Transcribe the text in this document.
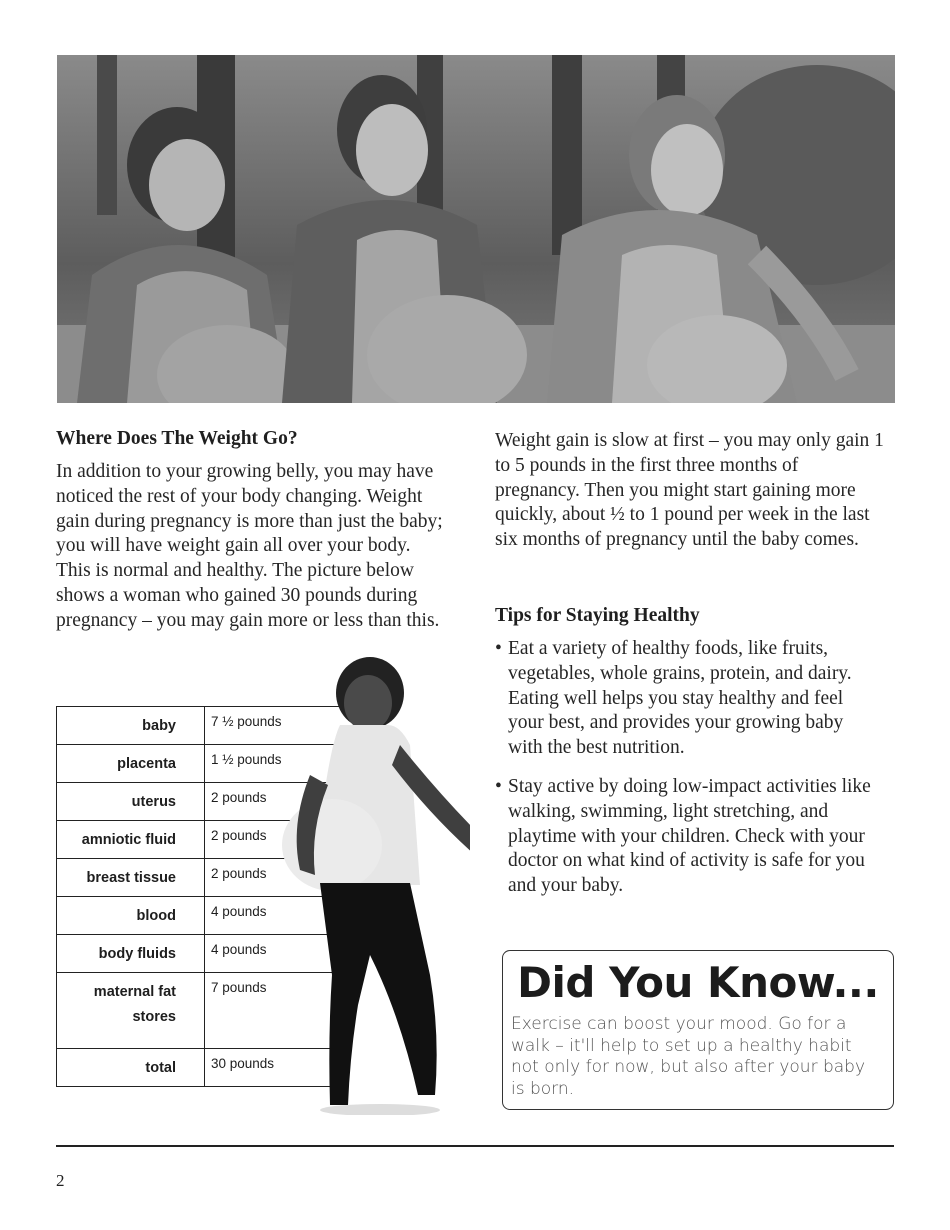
Where Does The Weight Go?

In addition to your growing belly, you may have noticed the rest of your body changing. Weight gain during pregnancy is more than just the baby; you will have weight gain all over your body. This is normal and healthy. The picture below shows a woman who gained 30 pounds during pregnancy – you may gain more or less than this.

Weight gain is slow at first – you may only gain 1 to 5 pounds in the first three months of pregnancy. Then you might start gaining more quickly, about ½ to 1 pound per week in the last six months of pregnancy until the baby comes.

Tips for Staying Healthy
• Eat a variety of healthy foods, like fruits, vegetables, whole grains, protein, and dairy. Eating well helps you stay healthy and feel your best, and provides your growing baby with the best nutrition.
• Stay active by doing low-impact activities like walking, swimming, light stretching, and playtime with your children. Check with your doctor on what kind of activity is safe for you and your baby.
baby	7 ½ pounds
placenta	1 ½ pounds
uterus	2 pounds
amniotic fluid	2 pounds
breast tissue	2 pounds
blood	4 pounds
body fluids	4 pounds
maternal fat stores	7 pounds
total	30 pounds
Did You Know...
Exercise can boost your mood. Go for a walk – it'll help to set up a healthy habit not only for now, but also after your baby is born.
2
